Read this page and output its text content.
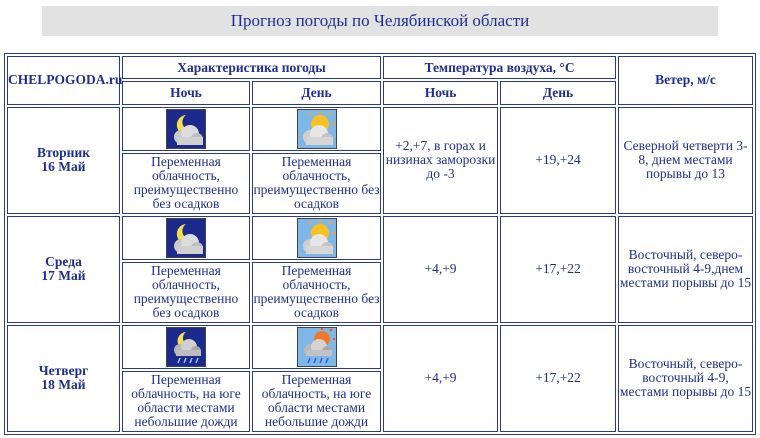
Прогноз погоды по Челябинской области
CHELPOGODA.ru	Характеристика погоды		Температура воздуха, °C		Ветер, м/с
	Ночь	День	Ночь	День	
Вторник
16 Май			+2,+7, в горах и низинах заморозки до -3	+19,+24	Северной четверти 3-8, днем местами порывы до 13
	Переменная облачность, преимущественно без осадков	Переменная облачность, преимущественно без осадков			
Среда
17 Май			+4,+9	+17,+22	Восточный, северо-восточный 4-9,днем местами порывы до 15
	Переменная облачность, преимущественно без осадков	Переменная облачность, преимущественно без осадков			
Четверг
18 Май			+4,+9	+17,+22	Восточный, северо-восточный 4-9, местами порывы до 15
	Переменная облачность, на юге области местами небольшие дожди	Переменная облачность, на юге области местами небольшие дожди			
